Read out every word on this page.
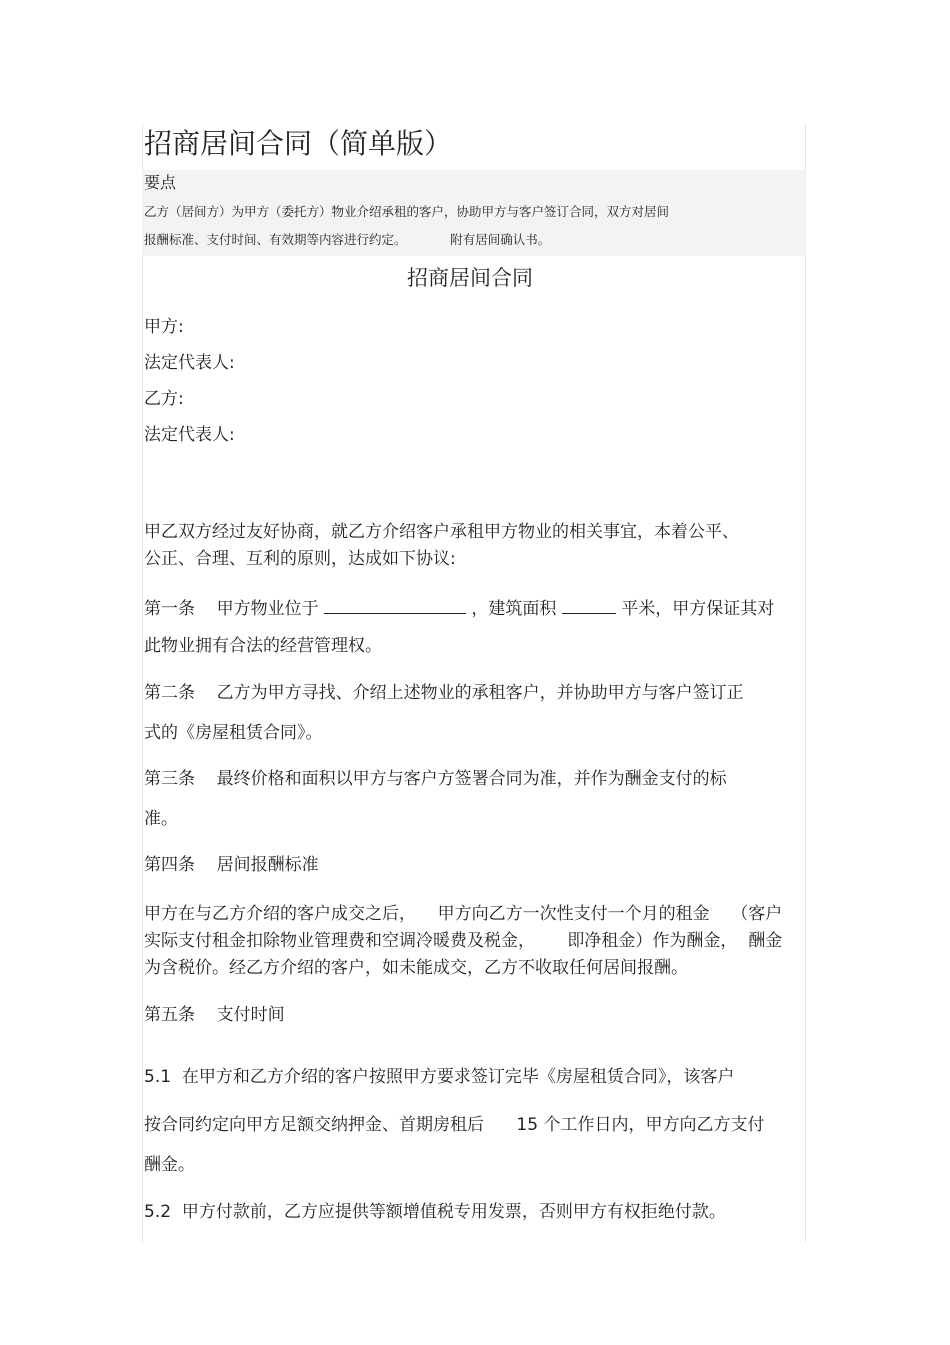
招商居间合同（简单版）
要点
乙方（居间方）为甲方（委托方）物业介绍承租的客户，协助甲方与客户签订合同，双方对居间
报酬标准、支付时间、有效期等内容进行约定。           附有居间确认书。
招商居间合同
甲方:
法定代表人:
乙方:
法定代表人:
甲乙双方经过友好协商，就乙方介绍客户承租甲方物业的相关事宜，本着公平、
公正、合理、互利的原则，达成如下协议:
第一条    甲方物业位于	，建筑面积	平米，甲方保证其对
此物业拥有合法的经营管理权。
第二条    乙方为甲方寻找、介绍上述物业的承租客户，并协助甲方与客户签订正
式的《房屋租赁合同》。
第三条    最终价格和面积以甲方与客户方签署合同为准，并作为酬金支付的标
准。
第四条    居间报酬标准
甲方在与乙方介绍的客户成交之后，    甲方向乙方一次性支付一个月的租金    （客户
实际支付租金扣除物业管理费和空调冷暖费及税金，      即净租金）作为酬金，  酬金
为含税价。经乙方介绍的客户，如未能成交，乙方不收取任何居间报酬。
第五条    支付时间
5.1  在甲方和乙方介绍的客户按照甲方要求签订完毕《房屋租赁合同》，该客户
按合同约定向甲方足额交纳押金、首期房租后      15 个工作日内，甲方向乙方支付
酬金。
5.2  甲方付款前，乙方应提供等额增值税专用发票，否则甲方有权拒绝付款。
